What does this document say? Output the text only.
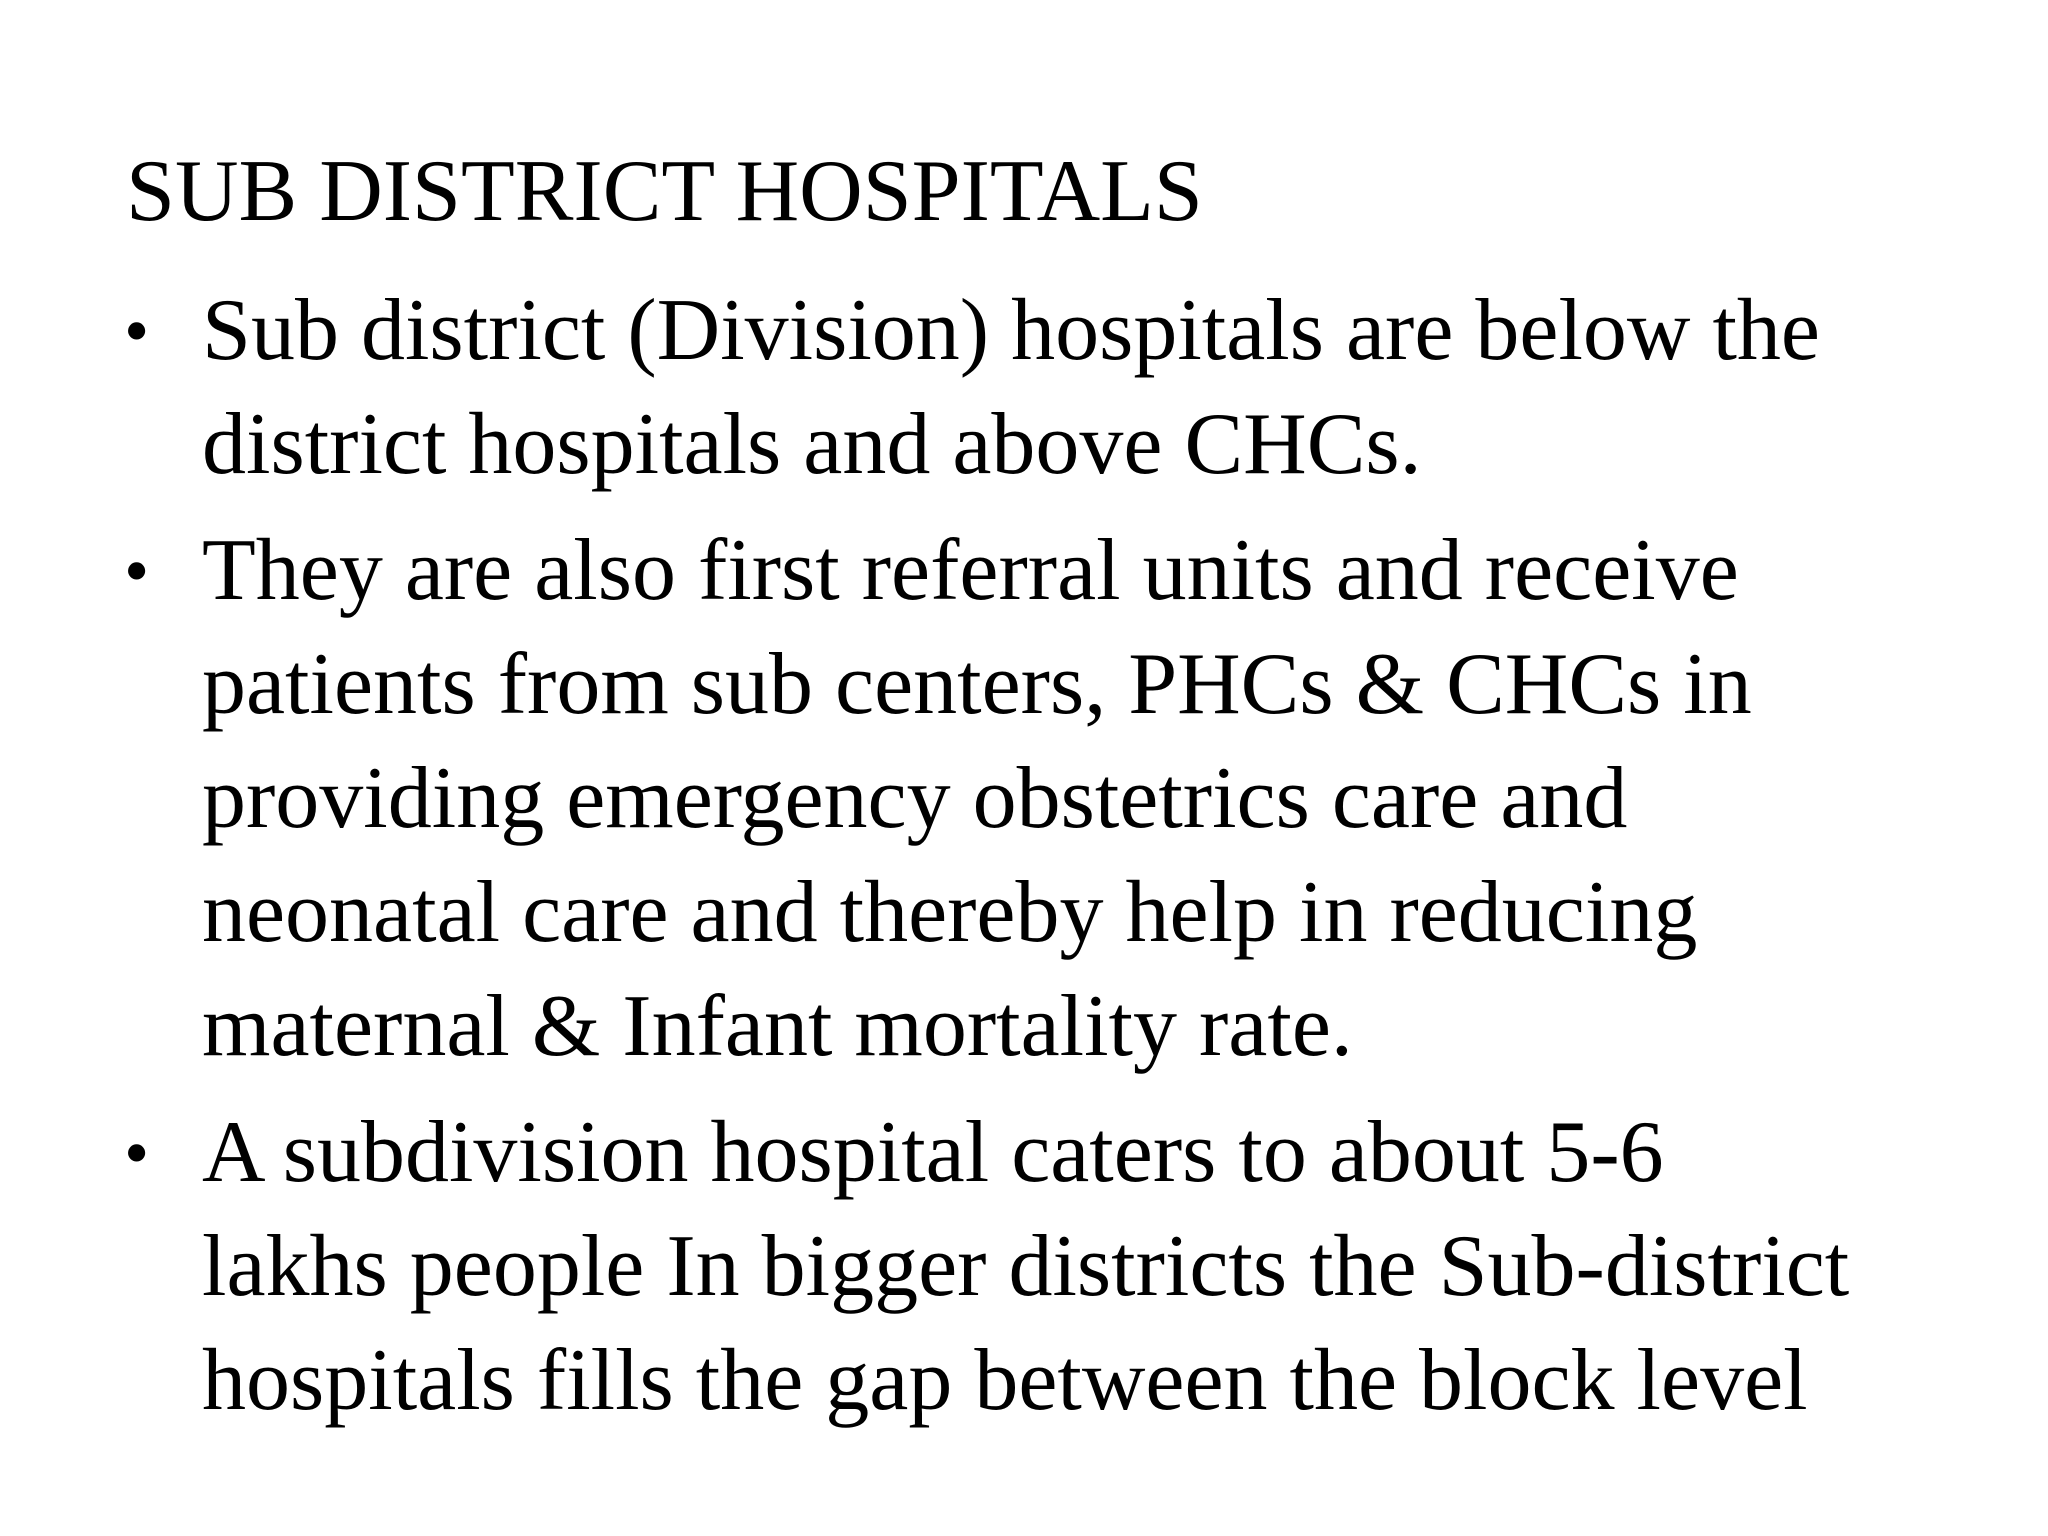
SUB DISTRICT HOSPITALS
• Sub district (Division) hospitals are below the
district hospitals and above CHCs.
• They are also first referral units and receive
patients from sub centers, PHCs & CHCs in
providing emergency obstetrics care and
neonatal care and thereby help in reducing
maternal & Infant mortality rate.
• A subdivision hospital caters to about 5-6
lakhs people In bigger districts the Sub-district
hospitals fills the gap between the block level
